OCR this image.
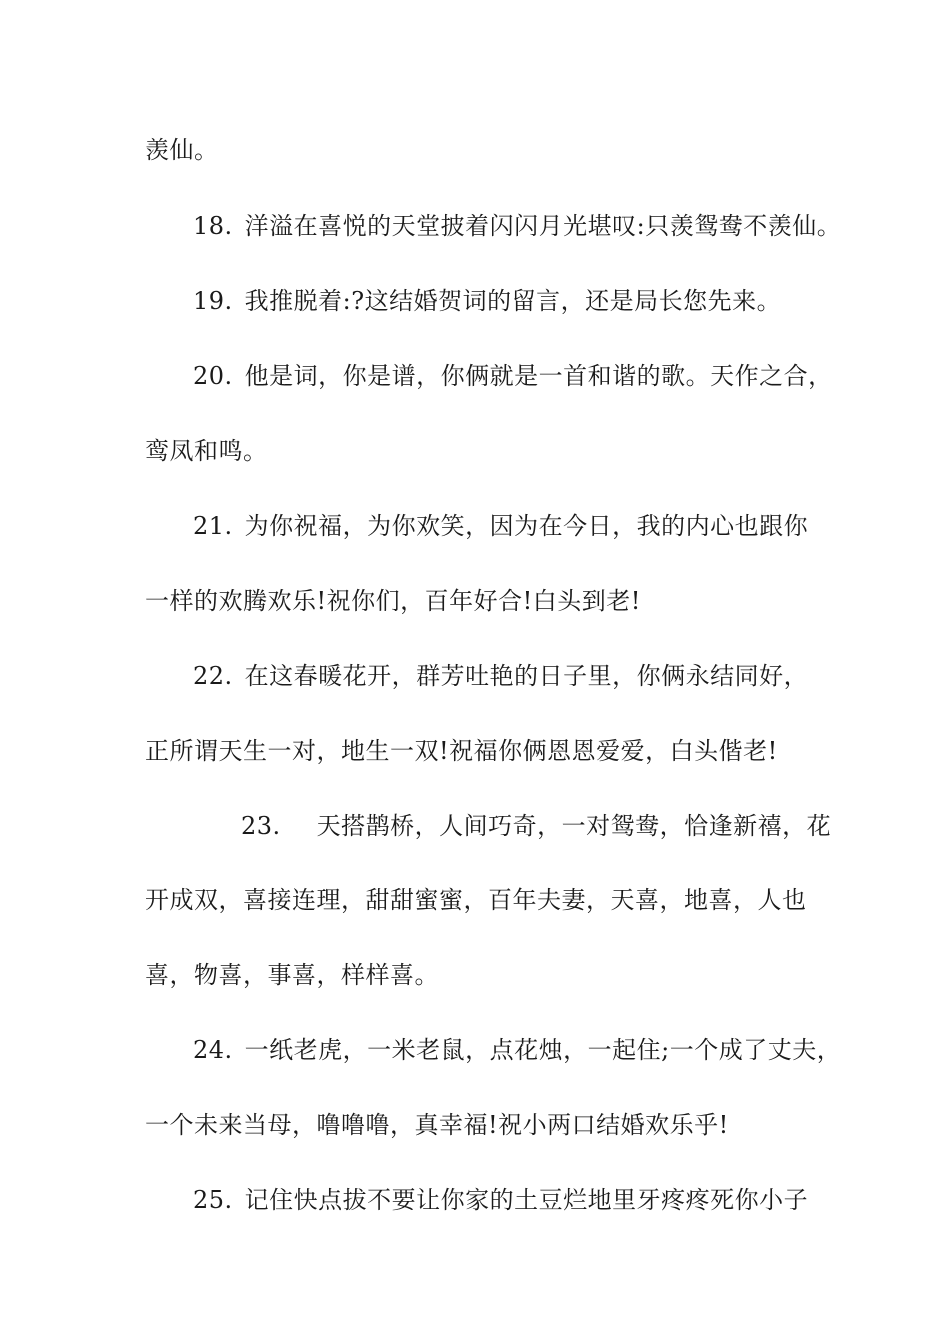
羡仙。
18. 洋溢在喜悦的天堂披着闪闪月光堪叹:只羡鸳鸯不羡仙。
19. 我推脱着:?这结婚贺词的留言，还是局长您先来。
20. 他是词，你是谱，你俩就是一首和谐的歌。天作之合，
鸾凤和鸣。
21. 为你祝福，为你欢笑，因为在今日，我的内心也跟你
一样的欢腾欢乐!祝你们，百年好合!白头到老!
22. 在这春暖花开，群芳吐艳的日子里，你俩永结同好，
正所谓天生一对，地生一双!祝福你俩恩恩爱爱，白头偕老!
23. 天搭鹊桥，人间巧奇，一对鸳鸯，恰逢新禧，花
开成双，喜接连理，甜甜蜜蜜，百年夫妻，天喜，地喜，人也
喜，物喜，事喜，样样喜。
24. 一纸老虎，一米老鼠，点花烛，一起住;一个成了丈夫，
一个未来当母，噜噜噜，真幸福!祝小两口结婚欢乐乎!
25. 记住快点拔不要让你家的土豆烂地里牙疼疼死你小子
